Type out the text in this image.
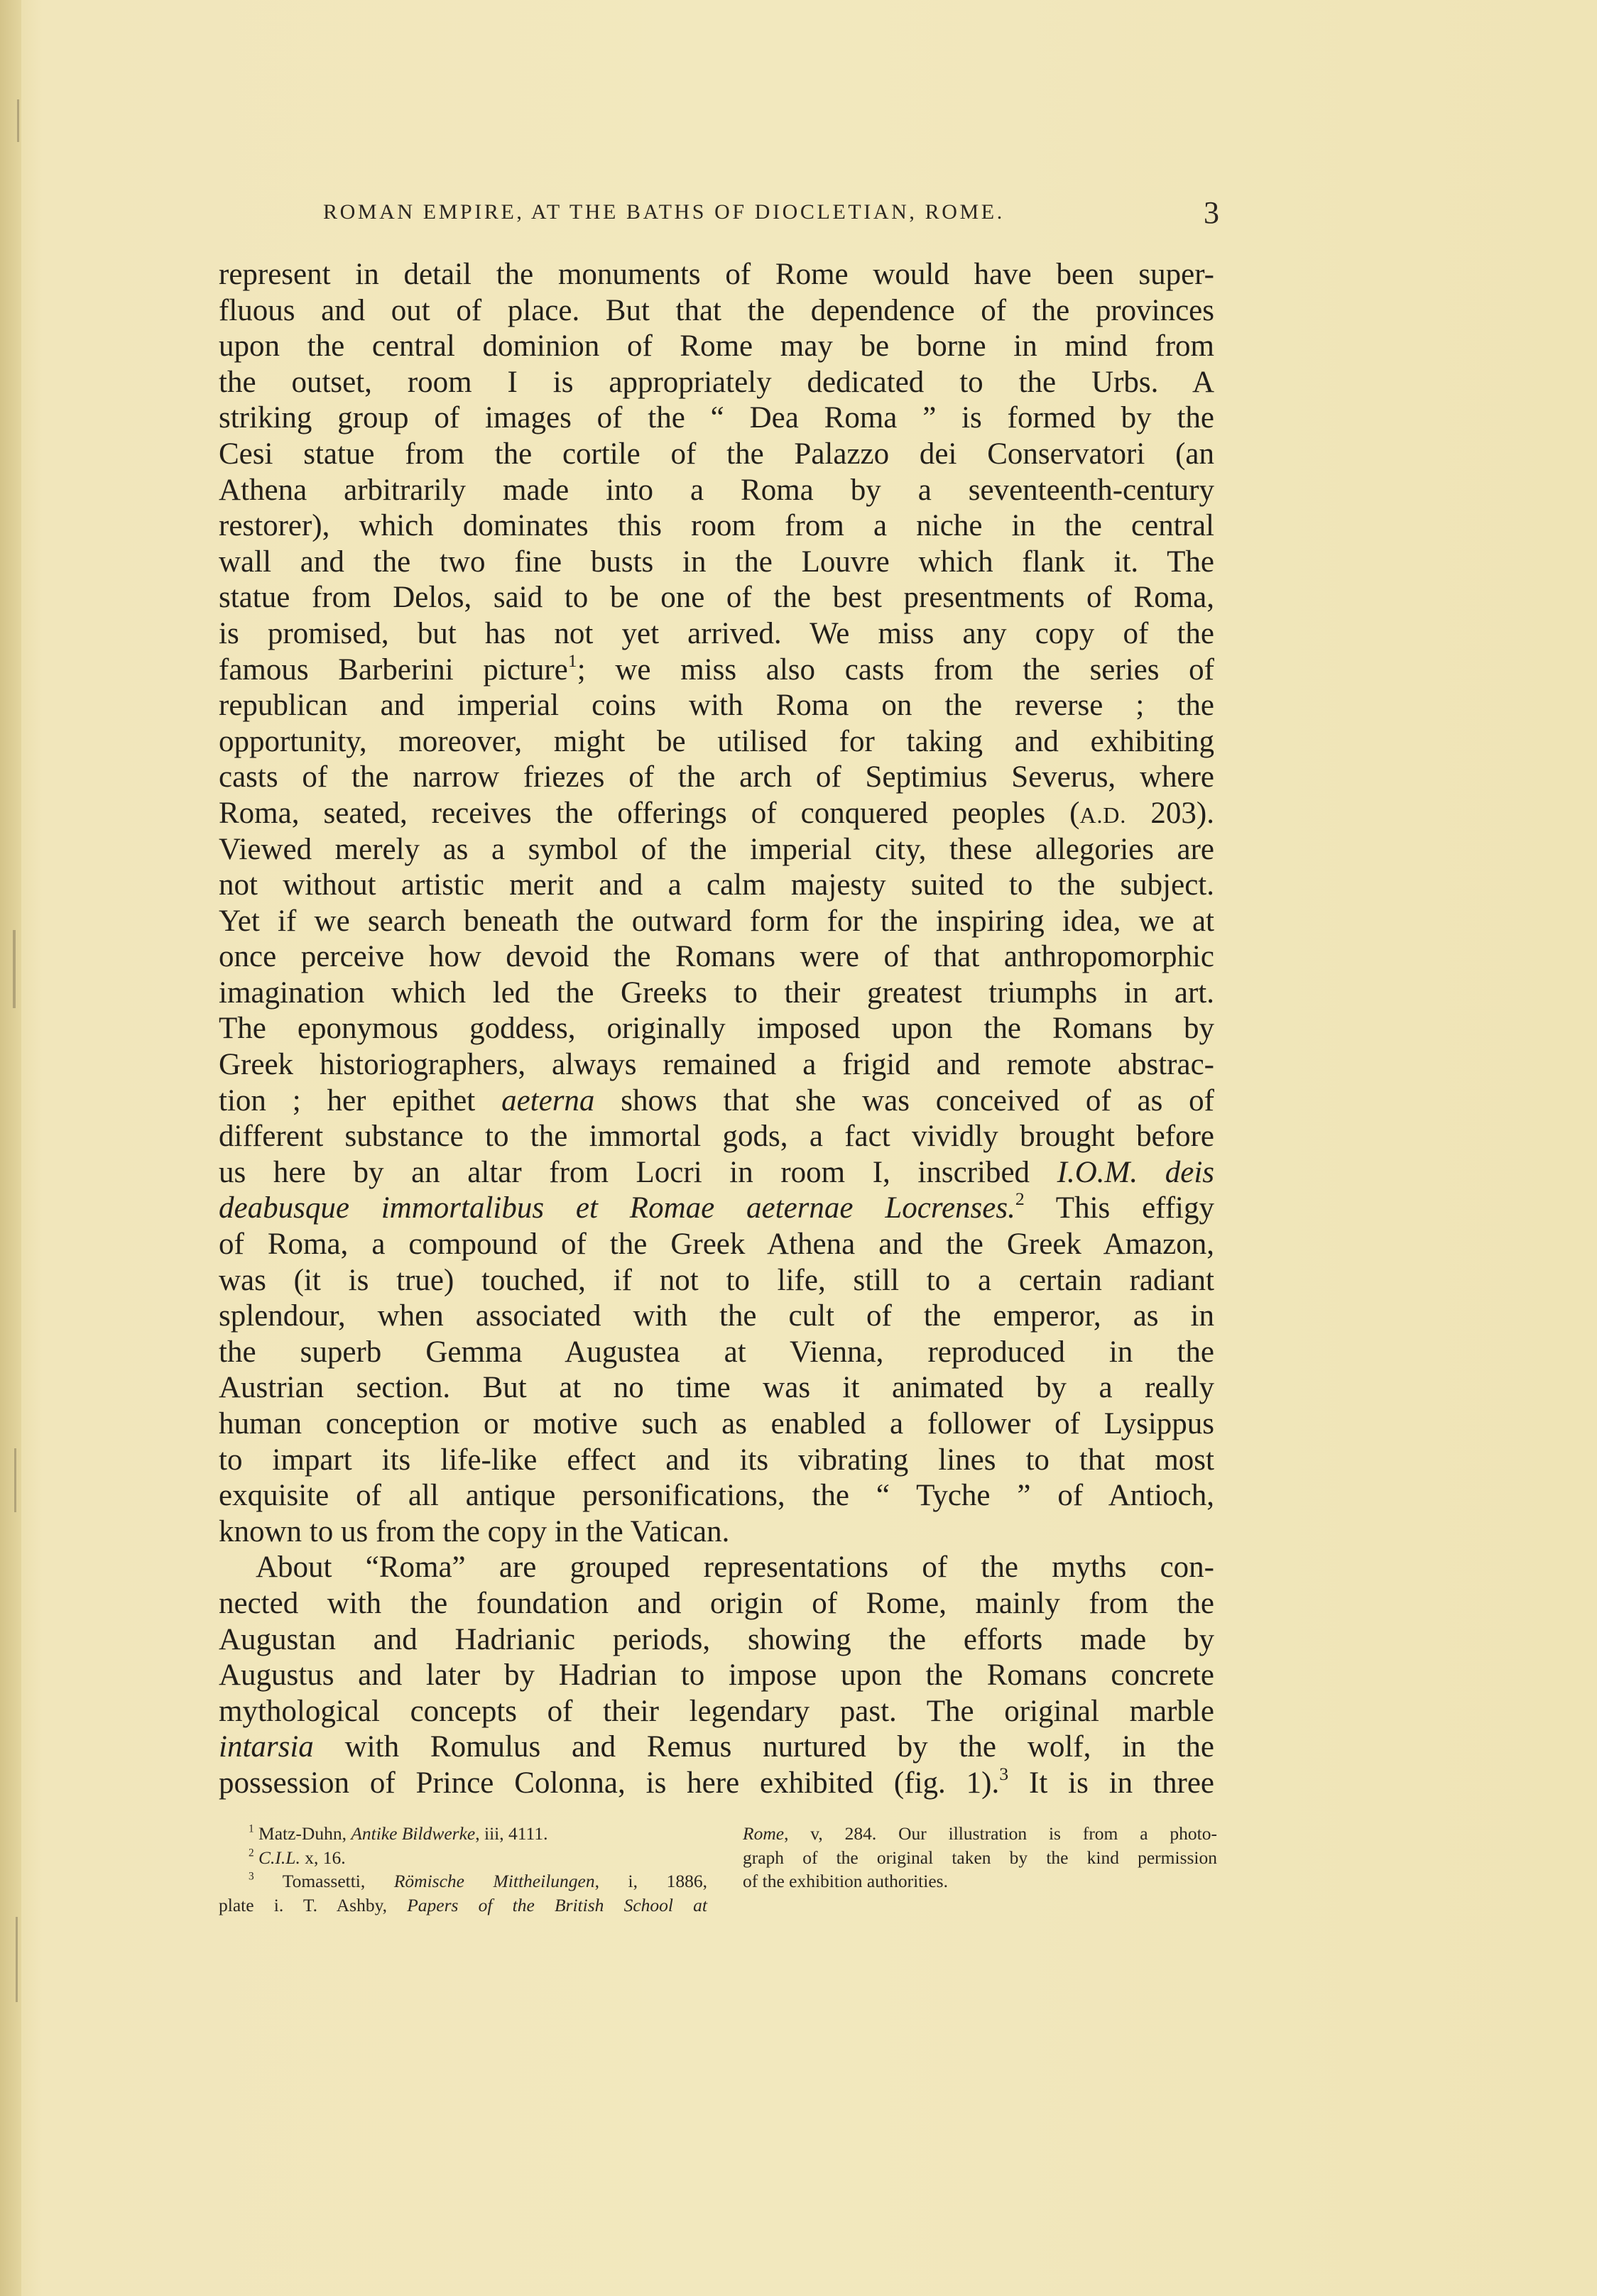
ROMAN EMPIRE, AT THE BATHS OF DIOCLETIAN, ROME.	3
represent in detail the monuments of Rome would have been super-
fluous and out of place. But that the dependence of the provinces
upon the central dominion of Rome may be borne in mind from
the outset, room I is appropriately dedicated to the Urbs. A
striking group of images of the “ Dea Roma ” is formed by the
Cesi statue from the cortile of the Palazzo dei Conservatori (an
Athena arbitrarily made into a Roma by a seventeenth-century
restorer), which dominates this room from a niche in the central
wall and the two fine busts in the Louvre which flank it. The
statue from Delos, said to be one of the best presentments of Roma,
is promised, but has not yet arrived. We miss any copy of the
famous Barberini picture$^1$; we miss also casts from the series of
republican and imperial coins with Roma on the reverse ; the
opportunity, moreover, might be utilised for taking and exhibiting
casts of the narrow friezes of the arch of Septimius Severus, where
Roma, seated, receives the offerings of conquered peoples (A.D. 203).
Viewed merely as a symbol of the imperial city, these allegories are
not without artistic merit and a calm majesty suited to the subject.
Yet if we search beneath the outward form for the inspiring idea, we at
once perceive how devoid the Romans were of that anthropomorphic
imagination which led the Greeks to their greatest triumphs in art.
The eponymous goddess, originally imposed upon the Romans by
Greek historiographers, always remained a frigid and remote abstrac-
tion ; her epithet aeterna shows that she was conceived of as of
different substance to the immortal gods, a fact vividly brought before
us here by an altar from Locri in room I, inscribed I.O.M. deis
deabusque immortalibus et Romae aeternae Locrenses.$^2$ This effigy
of Roma, a compound of the Greek Athena and the Greek Amazon,
was (it is true) touched, if not to life, still to a certain radiant
splendour, when associated with the cult of the emperor, as in
the superb Gemma Augustea at Vienna, reproduced in the
Austrian section. But at no time was it animated by a really
human conception or motive such as enabled a follower of Lysippus
to impart its life-like effect and its vibrating lines to that most
exquisite of all antique personifications, the “ Tyche ” of Antioch,
known to us from the copy in the Vatican.
About “Roma” are grouped representations of the myths con-
nected with the foundation and origin of Rome, mainly from the
Augustan and Hadrianic periods, showing the efforts made by
Augustus and later by Hadrian to impose upon the Romans concrete
mythological concepts of their legendary past. The original marble
intarsia with Romulus and Remus nurtured by the wolf, in the
possession of Prince Colonna, is here exhibited (fig. 1).$^3$ It is in three
$^1$ Matz-Duhn, Antike Bildwerke, iii, 4111.
$^2$ C.I.L. x, 16.
$^3$ Tomassetti, Römische Mittheilungen, i, 1886,
plate i. T. Ashby, Papers of the British School at
Rome, v, 284. Our illustration is from a photo-
graph of the original taken by the kind permission
of the exhibition authorities.
